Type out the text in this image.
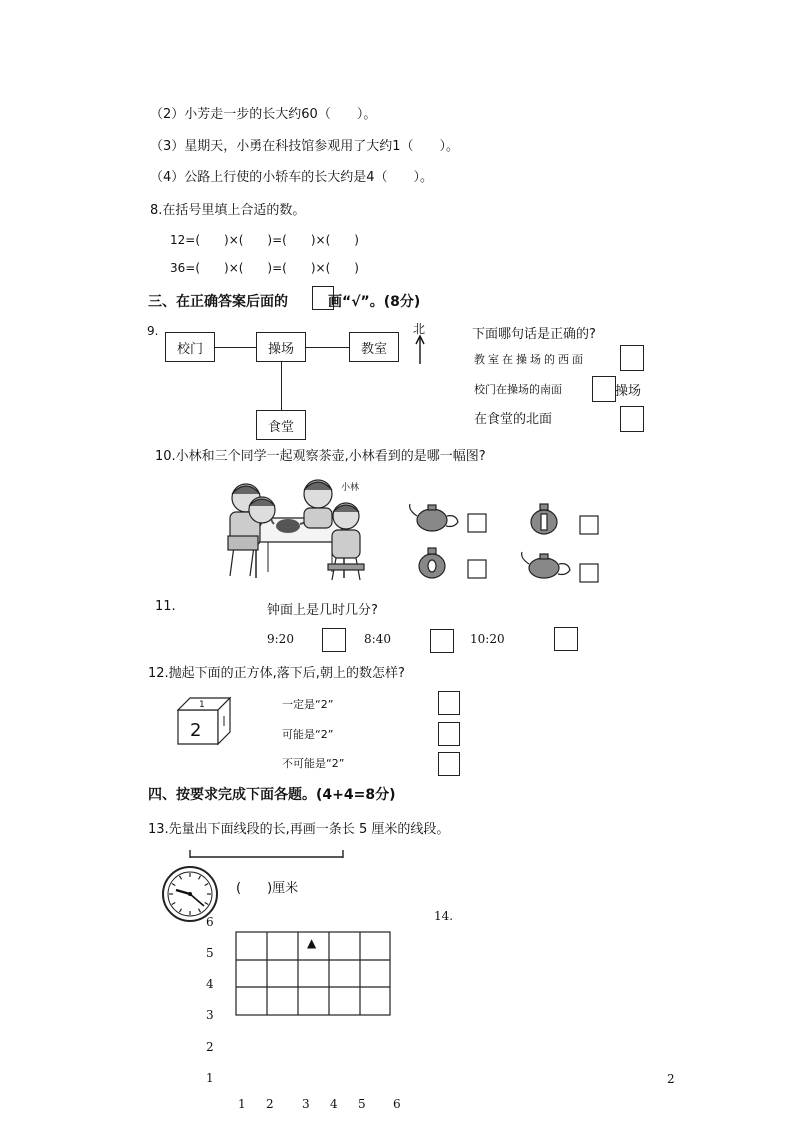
（2）小芳走一步的长大约60（　　）。
（3）星期天，小勇在科技馆参观用了大约1（　　）。
（4）公路上行使的小轿车的长大约是4（　　）。
8.在括号里填上合适的数。
12=(　　)×(　　)=(　　)×(　　)
36=(　　)×(　　)=(　　)×(　　)
三、在正确答案后面的	画“√”。(8分)
9.
校门	操场	教室
食堂
北	下面哪句话是正确的?
教室在操场的西面
校门在操场的南面	操场
在食堂的北面
10.小林和三个同学一起观察茶壶,小林看到的是哪一幅图?
小林
11.	钟面上是几时几分?
9:20	8:40	10:20
12.抛起下面的正方体,落下后,朝上的数怎样?
2
1	一定是“2”
可能是“2”
不可能是“2”
四、按要求完成下面各题。(4+4=8分)
13.先量出下面线段的长,再画一条长 5 厘米的线段。
(　　)厘米
14.
6
5
4
3
2
1
▲
1 2 3 4 5 6
2
